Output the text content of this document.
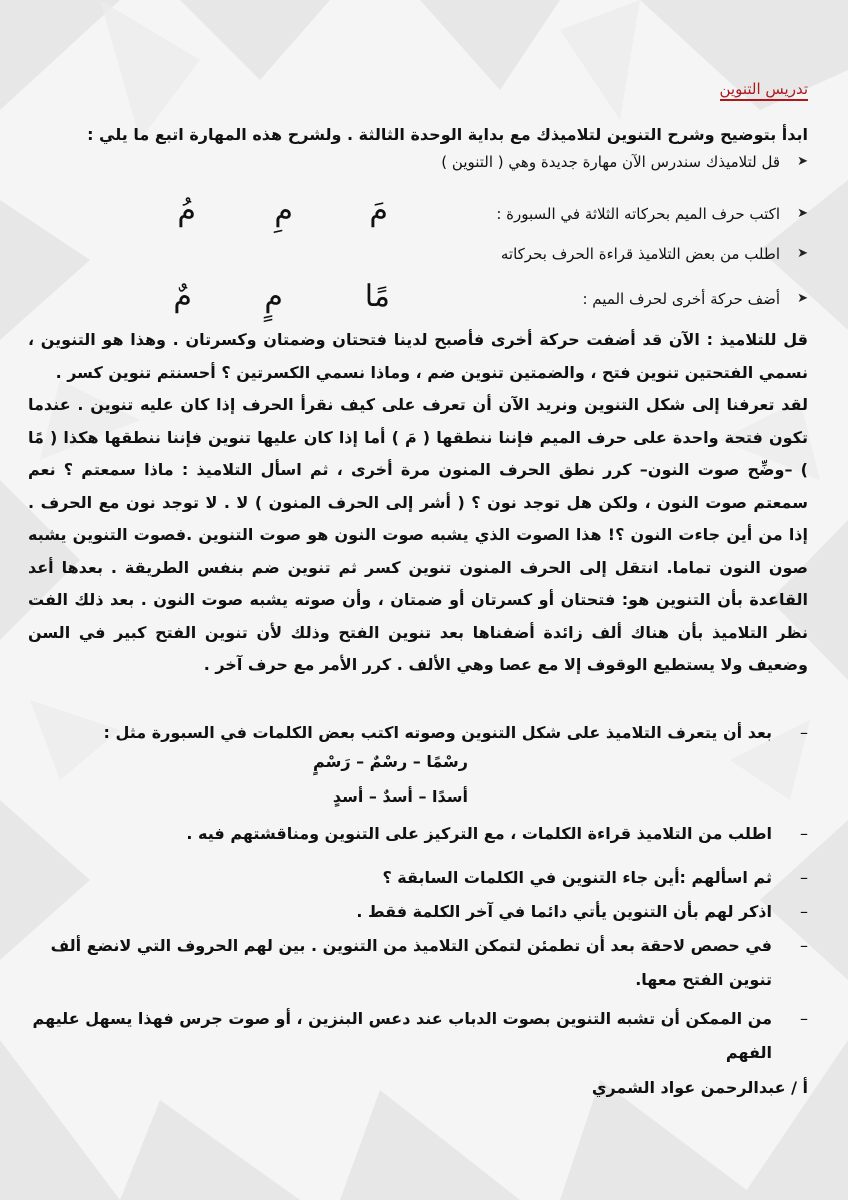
تدريس التنوين
ابدأ بتوضيح وشرح التنوين لتلاميذك مع بداية الوحدة الثالثة . ولشرح هذه المهارة اتبع ما يلي :
➤
قل لتلاميذك سندرس الآن مهارة جديدة وهي ( التنوين )
➤
اكتب حرف الميم بحركاته الثلاثة في السبورة :
مَ
مِ
مُ
➤
اطلب من بعض التلاميذ قراءة الحرف بحركاته
➤
أضف حركة أخرى لحرف الميم :
مًا
مٍ
مٌ

قل للتلاميذ : الآن قد أضفت حركة أخرى فأصبح لدينا فتحتان وضمتان وكسرتان . وهذا هو التنوين ، نسمي الفتحتين تنوين فتح ، والضمتين تنوين ضم ، وماذا نسمي الكسرتين ؟ أحسنتم تنوين كسر .

لقد تعرفنا إلى شكل التنوين ونريد الآن أن تعرف على كيف نقرأ الحرف إذا كان عليه تنوين . عندما تكون فتحة واحدة على حرف الميم فإننا ننطقها ( مَ ) أما إذا كان عليها تنوين فإننا ننطقها هكذا ( مًا ) –وضِّح صوت النون– كرر نطق الحرف المنون مرة أخرى ، ثم اسأل التلاميذ : ماذا سمعتم ؟ نعم سمعتم صوت النون ، ولكن هل توجد نون ؟ ( أشر إلى الحرف المنون ) لا . لا توجد نون مع الحرف . إذا من أين جاءت النون ؟! هذا الصوت الذي يشبه صوت النون هو صوت التنوين .فصوت التنوين يشبه صون النون تماما. انتقل إلى الحرف المنون تنوين كسر ثم تنوين ضم بنفس الطريقة . بعدها أعد القاعدة بأن التنوين هو: فتحتان أو كسرتان أو ضمتان ، وأن صوته يشبه صوت النون . بعد ذلك الفت نظر التلاميذ بأن هناك ألف زائدة أضفناها بعد تنوين الفتح وذلك لأن تنوين الفتح كبير في السن وضعيف ولا يستطيع الوقوف إلا مع عصا وهي الألف . كرر الأمر مع حرف آخر .

–
بعد أن يتعرف التلاميذ على شكل التنوين وصوته اكتب بعض الكلمات في السبورة مثل :
–
اطلب من التلاميذ قراءة الكلمات ، مع التركيز على التنوين ومناقشتهم فيه .
–
ثم اسألهم :أين جاء التنوين في الكلمات السابقة ؟
–
اذكر لهم بأن التنوين يأتي دائما في آخر الكلمة فقط .
–
في حصص لاحقة بعد أن تطمئن لتمكن التلاميذ من التنوين . بين لهم الحروف التي لانضع ألف تنوين الفتح معها.
–
من الممكن أن تشبه التنوين بصوت الدباب عند دعس البنزين ، أو صوت جرس فهذا يسهل عليهم الفهم
رسْمًا – رسْمٌ – رَسْمٍ
أسدًا – أسدٌ – أسدٍ
أ / عبدالرحمن عواد الشمري
